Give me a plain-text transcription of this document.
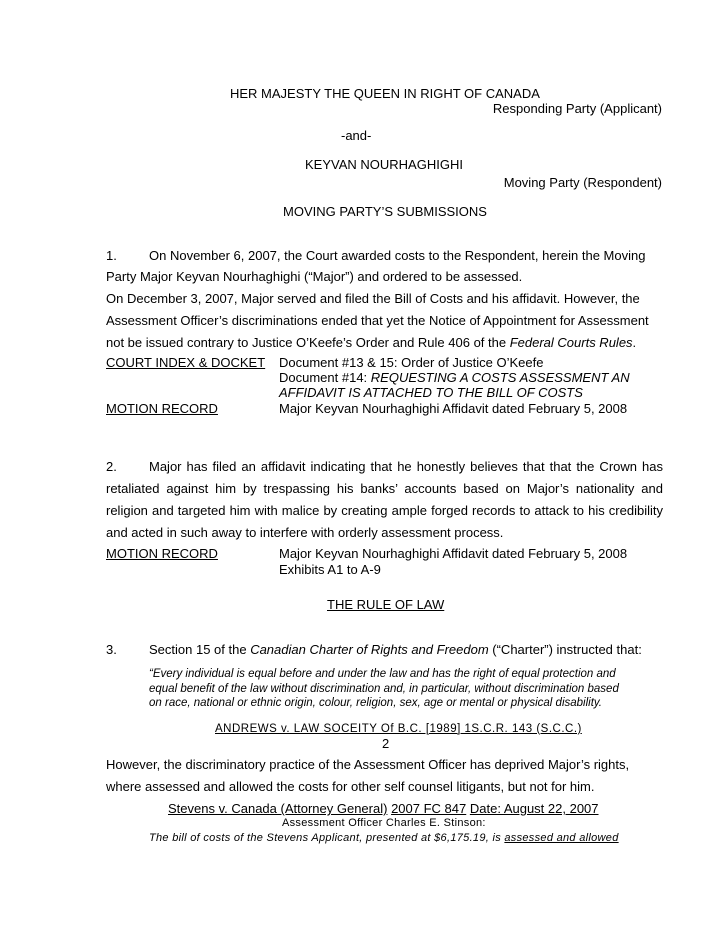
HER MAJESTY THE QUEEN IN RIGHT OF CANADA
Responding Party (Applicant)
-and-
KEYVAN NOURHAGHIGHI
Moving Party (Respondent)
MOVING PARTY’S SUBMISSIONS
1. On November 6, 2007, the Court awarded costs to the Respondent, herein the Moving
Party Major Keyvan Nourhaghighi (“Major”) and ordered to be assessed.
On December 3, 2007, Major served and filed the Bill of Costs and his affidavit. However, the
Assessment Officer’s discriminations ended that yet the Notice of Appointment for Assessment
not be issued contrary to Justice O’Keefe’s Order and Rule 406 of the Federal Courts Rules.
COURT INDEX & DOCKET Document #13 & 15: Order of Justice O’Keefe
Document #14: REQUESTING A COSTS ASSESSMENT AN
AFFIDAVIT IS ATTACHED TO THE BILL OF COSTS
MOTION RECORD	Major Keyvan Nourhaghighi Affidavit dated February 5, 2008
2. Major has filed an affidavit indicating that he honestly believes that that the Crown has
retaliated against him by trespassing his banks’ accounts based on Major’s nationality and
religion and targeted him with malice by creating ample forged records to attack to his credibility
and acted in such away to interfere with orderly assessment process.
MOTION RECORD	Major Keyvan Nourhaghighi Affidavit dated February 5, 2008
Exhibits A1 to A-9
THE RULE OF LAW
3. Section 15 of the Canadian Charter of Rights and Freedom (“Charter”) instructed that:
“Every individual is equal before and under the law and has the right of equal protection and
equal benefit of the law without discrimination and, in particular, without discrimination based
on race, national or ethnic origin, colour, religion, sex, age or mental or physical disability.
ANDREWS v. LAW SOCEITY Of B.C. [1989] 1S.C.R. 143 (S.C.C.)
2
However, the discriminatory practice of the Assessment Officer has deprived Major’s rights,
where assessed and allowed the costs for other self counsel litigants, but not for him.
Stevens v. Canada (Attorney General) 2007 FC 847 Date: August 22, 2007
Assessment Officer Charles E. Stinson:
The bill of costs of the Stevens Applicant, presented at $6,175.19, is assessed and allowed
